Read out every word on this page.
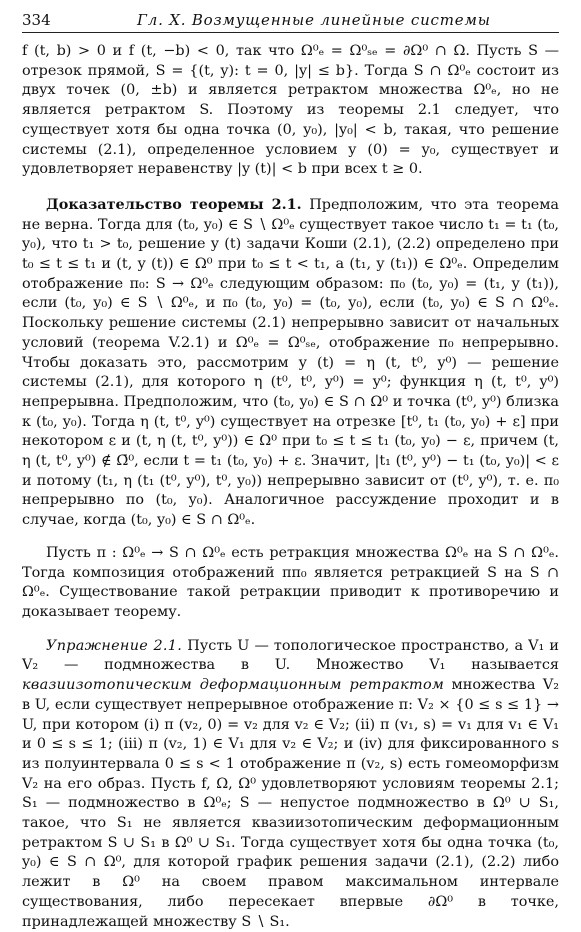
334	Гл. X. Возмущенные линейные системы

f (t, b) > 0 и f (t, −b) < 0, так что Ω⁰ₑ = Ω⁰ₛₑ = ∂Ω⁰ ∩ Ω. Пусть S — отрезок прямой, S = {(t, y): t = 0, |y| ≤ b}. Тогда S ∩ Ω⁰ₑ состоит из двух точек (0, ±b) и является ретрактом множества Ω⁰ₑ, но не является ретрактом S. Поэтому из теоремы 2.1 следует, что существует хотя бы одна точка (0, y₀), |y₀| < b, такая, что решение системы (2.1), определенное условием y (0) = y₀, существует и удовлетворяет неравенству |y (t)| < b при всех t ≥ 0.

Доказательство теоремы 2.1. Предположим, что эта теорема не верна. Тогда для (t₀, y₀) ∈ S ∖ Ω⁰ₑ существует такое число t₁ = t₁ (t₀, y₀), что t₁ > t₀, решение y (t) задачи Коши (2.1), (2.2) определено при t₀ ≤ t ≤ t₁ и (t, y (t)) ∈ Ω⁰ при t₀ ≤ t < t₁, а (t₁, y (t₁)) ∈ Ω⁰ₑ. Определим отображение π₀: S → Ω⁰ₑ следующим образом: π₀ (t₀, y₀) = (t₁, y (t₁)), если (t₀, y₀) ∈ S ∖ Ω⁰ₑ, и π₀ (t₀, y₀) = (t₀, y₀), если (t₀, y₀) ∈ S ∩ Ω⁰ₑ. Поскольку решение системы (2.1) непрерывно зависит от начальных условий (теорема V.2.1) и Ω⁰ₑ = Ω⁰ₛₑ, отображение π₀ непрерывно. Чтобы доказать это, рассмотрим y (t) = η (t, t⁰, y⁰) — решение системы (2.1), для которого η (t⁰, t⁰, y⁰) = y⁰; функция η (t, t⁰, y⁰) непрерывна. Предположим, что (t₀, y₀) ∈ S ∩ Ω⁰ и точка (t⁰, y⁰) близка к (t₀, y₀). Тогда η (t, t⁰, y⁰) существует на отрезке [t⁰, t₁ (t₀, y₀) + ε] при некотором ε и (t, η (t, t⁰, y⁰)) ∈ Ω⁰ при t₀ ≤ t ≤ t₁ (t₀, y₀) − ε, причем (t, η (t, t⁰, y⁰) ∉ Ω̄⁰, если t = t₁ (t₀, y₀) + ε. Значит, |t₁ (t⁰, y⁰) − t₁ (t₀, y₀)| < ε и потому (t₁, η (t₁ (t⁰, y⁰), t⁰, y₀)) непрерывно зависит от (t⁰, y⁰), т. е. π₀ непрерывно по (t₀, y₀). Аналогичное рассуждение проходит и в случае, когда (t₀, y₀) ∈ S ∩ Ω⁰ₑ.

Пусть π : Ω⁰ₑ → S ∩ Ω⁰ₑ есть ретракция множества Ω⁰ₑ на S ∩ Ω⁰ₑ. Тогда композиция отображений ππ₀ является ретракцией S на S ∩ Ω⁰ₑ. Существование такой ретракции приводит к противоречию и доказывает теорему.

Упражнение 2.1. Пусть U — топологическое пространство, а V₁ и V₂ — подмножества в U. Множество V₁ называется квазиизотопическим деформационным ретрактом множества V₂ в U, если существует непрерывное отображение π: V₂ × {0 ≤ s ≤ 1} → U, при котором (i) π (v₂, 0) = v₂ для v₂ ∈ V₂; (ii) π (v₁, s) = v₁ для v₁ ∈ V₁ и 0 ≤ s ≤ 1; (iii) π (v₂, 1) ∈ V₁ для v₂ ∈ V₂; и (iv) для фиксированного s из полуинтервала 0 ≤ s < 1 отображение π (v₂, s) есть гомеоморфизм V₂ на его образ. Пусть f, Ω, Ω⁰ удовлетворяют условиям теоремы 2.1; S₁ — подмножество в Ω⁰ₑ; S — непустое подмножество в Ω⁰ ∪ S₁, такое, что S₁ не является квазиизотопическим деформационным ретрактом S ∪ S₁ в Ω⁰ ∪ S₁. Тогда существует хотя бы одна точка (t₀, y₀) ∈ S ∩ Ω⁰, для которой график решения задачи (2.1), (2.2) либо лежит в Ω⁰ на своем правом максимальном интервале существования, либо пересекает впервые ∂Ω⁰ в точке, принадлежащей множеству S ∖ S₁.
